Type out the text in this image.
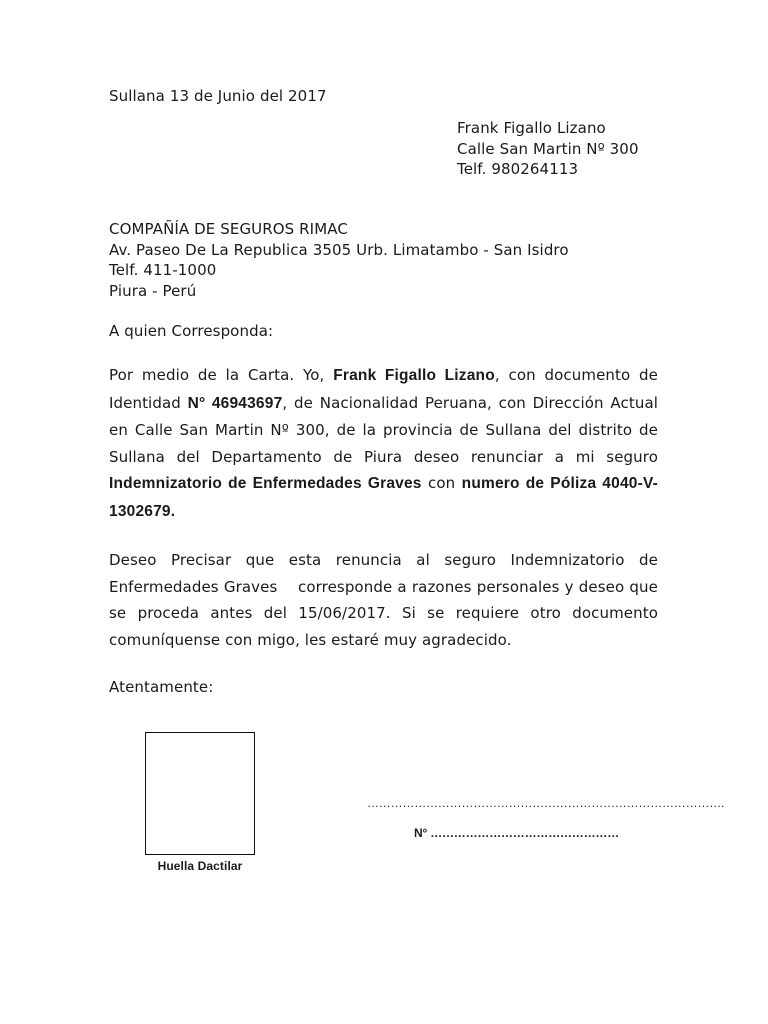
Sullana 13 de Junio del 2017
Frank Figallo Lizano
Calle San Martin Nº 300
Telf. 980264113
COMPAÑÍA DE SEGUROS RIMAC
Av. Paseo De La Republica 3505 Urb. Limatambo - San Isidro
Telf. 411-1000
Piura - Perú
A quien Corresponda:
Por medio de la Carta. Yo, Frank Figallo Lizano, con documento de Identidad N° 46943697, de Nacionalidad Peruana, con Dirección Actual en Calle San Martin Nº 300, de la provincia de Sullana del distrito de Sullana del Departamento de Piura deseo renunciar a mi seguro Indemnizatorio de Enfermedades Graves con numero de Póliza 4040-V-1302679.
Deseo Precisar que esta renuncia al seguro Indemnizatorio de Enfermedades Graves    corresponde a razones personales y deseo que se proceda antes del 15/06/2017. Si se requiere otro documento comuníquense con migo, les estaré muy agradecido.
Atentamente:
Huella Dactilar
……………………………………………………………………………….
N° …………………………………………
